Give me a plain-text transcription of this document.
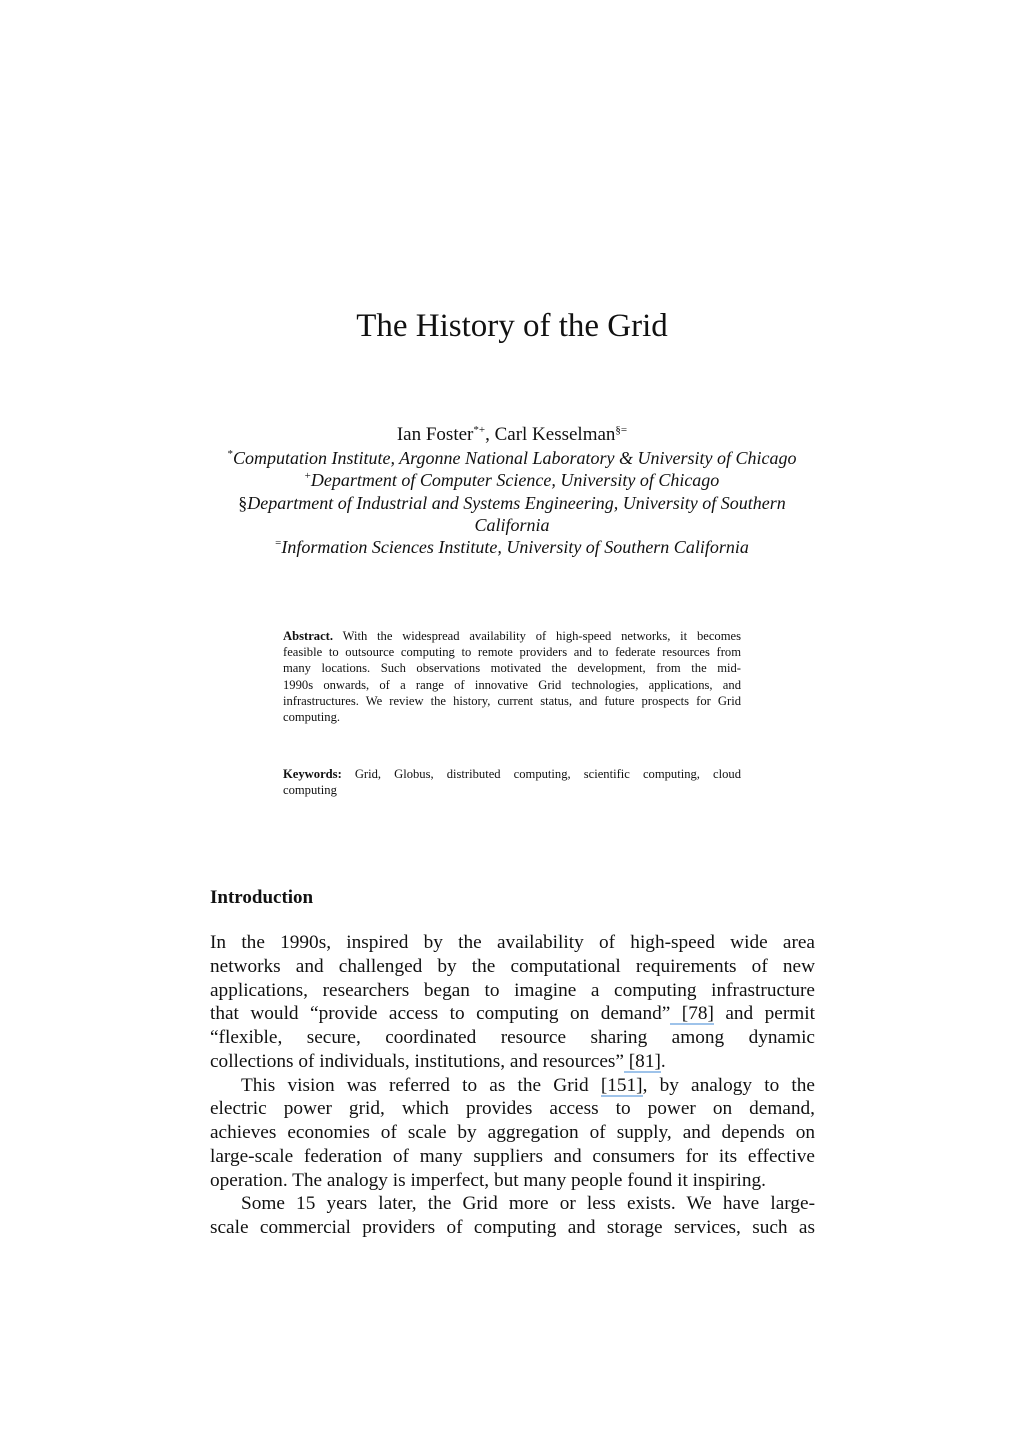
The History of the Grid
Ian Foster*+, Carl Kesselman§=
*Computation Institute, Argonne National Laboratory & University of Chicago
+Department of Computer Science, University of Chicago
§Department of Industrial and Systems Engineering, University of Southern
California
=Information Sciences Institute, University of Southern California
Abstract. With the widespread availability of high-speed networks, it becomes
feasible to outsource computing to remote providers and to federate resources from
many locations. Such observations motivated the development, from the mid-
1990s onwards, of a range of innovative Grid technologies, applications, and
infrastructures. We review the history, current status, and future prospects for Grid
computing.
Keywords: Grid, Globus, distributed computing, scientific computing, cloud
computing
Introduction
In the 1990s, inspired by the availability of high-speed wide area
networks and challenged by the computational requirements of new
applications, researchers began to imagine a computing infrastructure
that would “provide access to computing on demand” [78] and permit
“flexible, secure, coordinated resource sharing among dynamic
collections of individuals, institutions, and resources” [81].
This vision was referred to as the Grid [151], by analogy to the
electric power grid, which provides access to power on demand,
achieves economies of scale by aggregation of supply, and depends on
large-scale federation of many suppliers and consumers for its effective
operation. The analogy is imperfect, but many people found it inspiring.
Some 15 years later, the Grid more or less exists. We have large-
scale commercial providers of computing and storage services, such as
